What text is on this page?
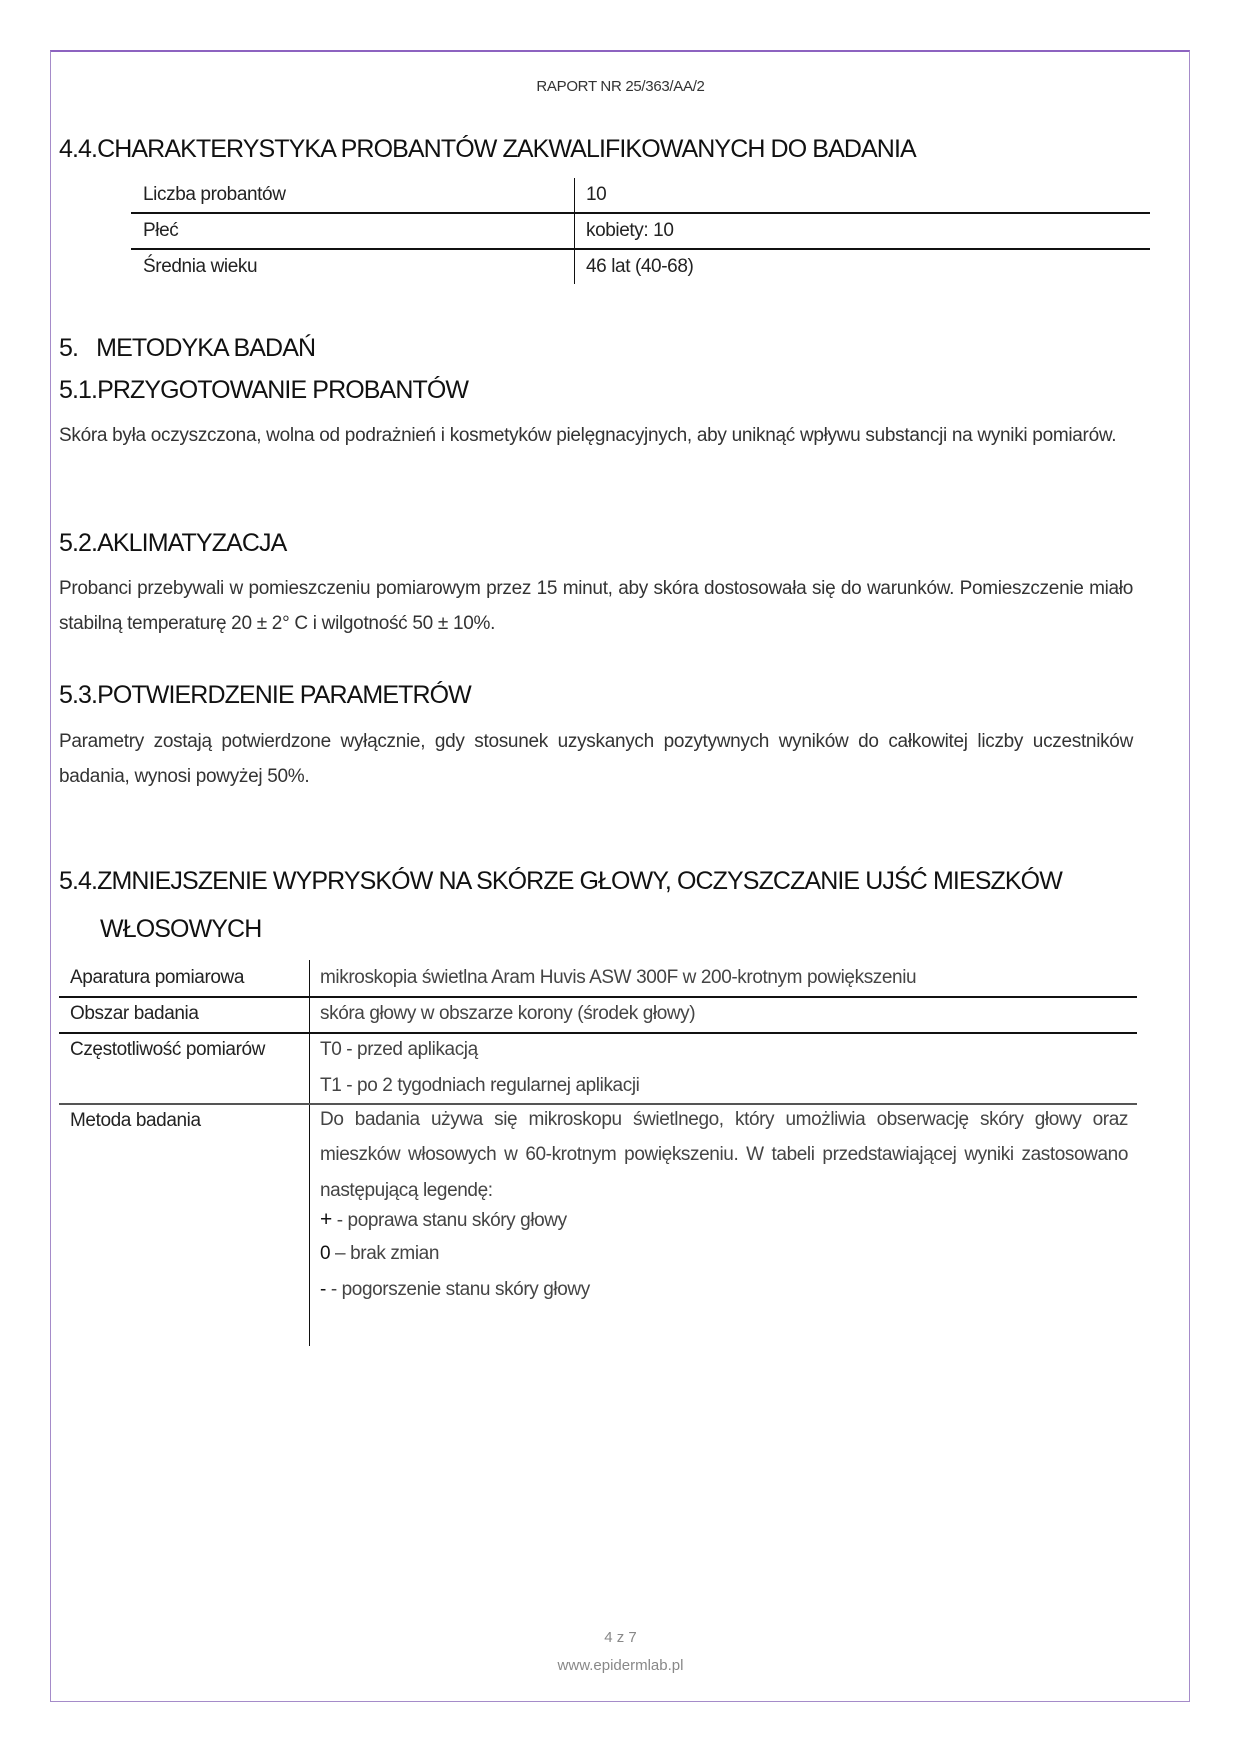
RAPORT NR 25/363/AA/2
4.4.CHARAKTERYSTYKA PROBANTÓW ZAKWALIFIKOWANYCH DO BADANIA
Liczba probantów	10
Płeć	kobiety: 10
Średnia wieku	46 lat (40-68)
5.   METODYKA BADAŃ
5.1.PRZYGOTOWANIE PROBANTÓW
Skóra była oczyszczona, wolna od podrażnień i kosmetyków pielęgnacyjnych, aby uniknąć wpływu substancji na wyniki pomiarów.
5.2.AKLIMATYZACJA
Probanci przebywali w pomieszczeniu pomiarowym przez 15 minut, aby skóra dostosowała się do warunków. Pomieszczenie miało stabilną temperaturę 20 ± 2° C i wilgotność 50 ± 10%.
5.3.POTWIERDZENIE PARAMETRÓW
Parametry zostają potwierdzone wyłącznie, gdy stosunek uzyskanych pozytywnych wyników do całkowitej liczby uczestników badania, wynosi powyżej 50%.
5.4.ZMNIEJSZENIE WYPRYSKÓW NA SKÓRZE GŁOWY, OCZYSZCZANIE UJŚĆ MIESZKÓW
WŁOSOWYCH
Aparatura pomiarowa	mikroskopia świetlna Aram Huvis ASW 300F w 200-krotnym powiększeniu
Obszar badania	skóra głowy w obszarze korony (środek głowy)
Częstotliwość pomiarów	T0 - przed aplikacją
T1 - po 2 tygodniach regularnej aplikacji
Metoda badania	Do badania używa się mikroskopu świetlnego, który umożliwia obserwację skóry głowy oraz mieszków włosowych w 60-krotnym powiększeniu. W tabeli przedstawiającej wyniki zastosowano następującą legendę:
+ - poprawa stanu skóry głowy
0 – brak zmian
- - pogorszenie stanu skóry głowy
4 z 7
www.epidermlab.pl
